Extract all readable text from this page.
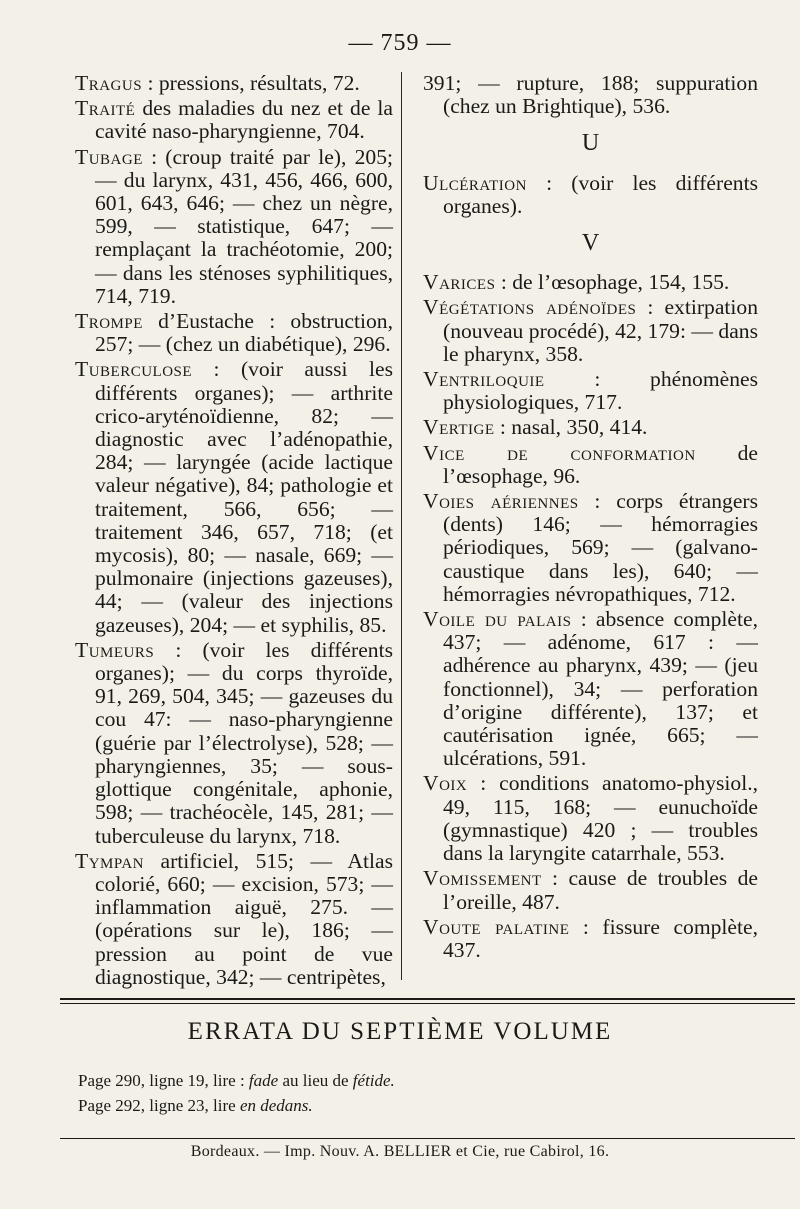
— 759 —

Tragus : pressions, résultats, 72.

Traité des maladies du nez et de la cavité naso-pharyngienne, 704.

Tubage : (croup traité par le), 205; — du larynx, 431, 456, 466, 600, 601, 643, 646; — chez un nègre, 599, — statistique, 647; — remplaçant la trachéotomie, 200; — dans les sténoses syphilitiques, 714, 719.

Trompe d’Eustache : obstruction, 257; — (chez un diabétique), 296.

Tuberculose : (voir aussi les différents organes); — arthrite crico-aryténoïdienne, 82; — diagnostic avec l’adénopathie, 284; — laryngée (acide lactique valeur négative), 84; pathologie et traitement, 566, 656; — traitement 346, 657, 718; (et mycosis), 80; — nasale, 669; — pulmonaire (injections gazeuses), 44; — (valeur des injections gazeuses), 204; — et syphilis, 85.

Tumeurs : (voir les différents organes); — du corps thyroïde, 91, 269, 504, 345; — gazeuses du cou 47: — naso-pharyngienne (guérie par l’électrolyse), 528; — pharyngiennes, 35; — sous-glottique congénitale, aphonie, 598; — trachéocèle, 145, 281; — tuberculeuse du larynx, 718.

Tympan artificiel, 515; — Atlas colorié, 660; — excision, 573; — inflammation aiguë, 275. — (opérations sur le), 186; — pression au point de vue diagnostique, 342; — centripètes,

391; — rupture, 188; suppuration (chez un Brightique), 536.

U

Ulcération : (voir les différents organes).

V

Varices : de l’œsophage, 154, 155.

Végétations adénoïdes : extirpation (nouveau procédé), 42, 179: — dans le pharynx, 358.

Ventriloquie : phénomènes physiologiques, 717.

Vertige : nasal, 350, 414.

Vice de conformation de l’œsophage, 96.

Voies aériennes : corps étrangers (dents) 146; — hémorragies périodiques, 569; — (galvano-caustique dans les), 640; — hémorragies névropathiques, 712.

Voile du palais : absence complète, 437; — adénome, 617 : — adhérence au pharynx, 439; — (jeu fonctionnel), 34; — perforation d’origine différente), 137; et cautérisation ignée, 665; — ulcérations, 591.

Voix : conditions anatomo-physiol., 49, 115, 168; — eunuchoïde (gymnastique) 420 ; — troubles dans la laryngite catarrhale, 553.

Vomissement : cause de troubles de l’oreille, 487.

Voute palatine : fissure complète, 437.

ERRATA DU SEPTIÈME VOLUME
Page 290, ligne 19, lire : fade au lieu de fétide.
Page 292, ligne 23, lire en dedans.
Bordeaux. — Imp. Nouv. A. BELLIER et Cie, rue Cabirol, 16.
